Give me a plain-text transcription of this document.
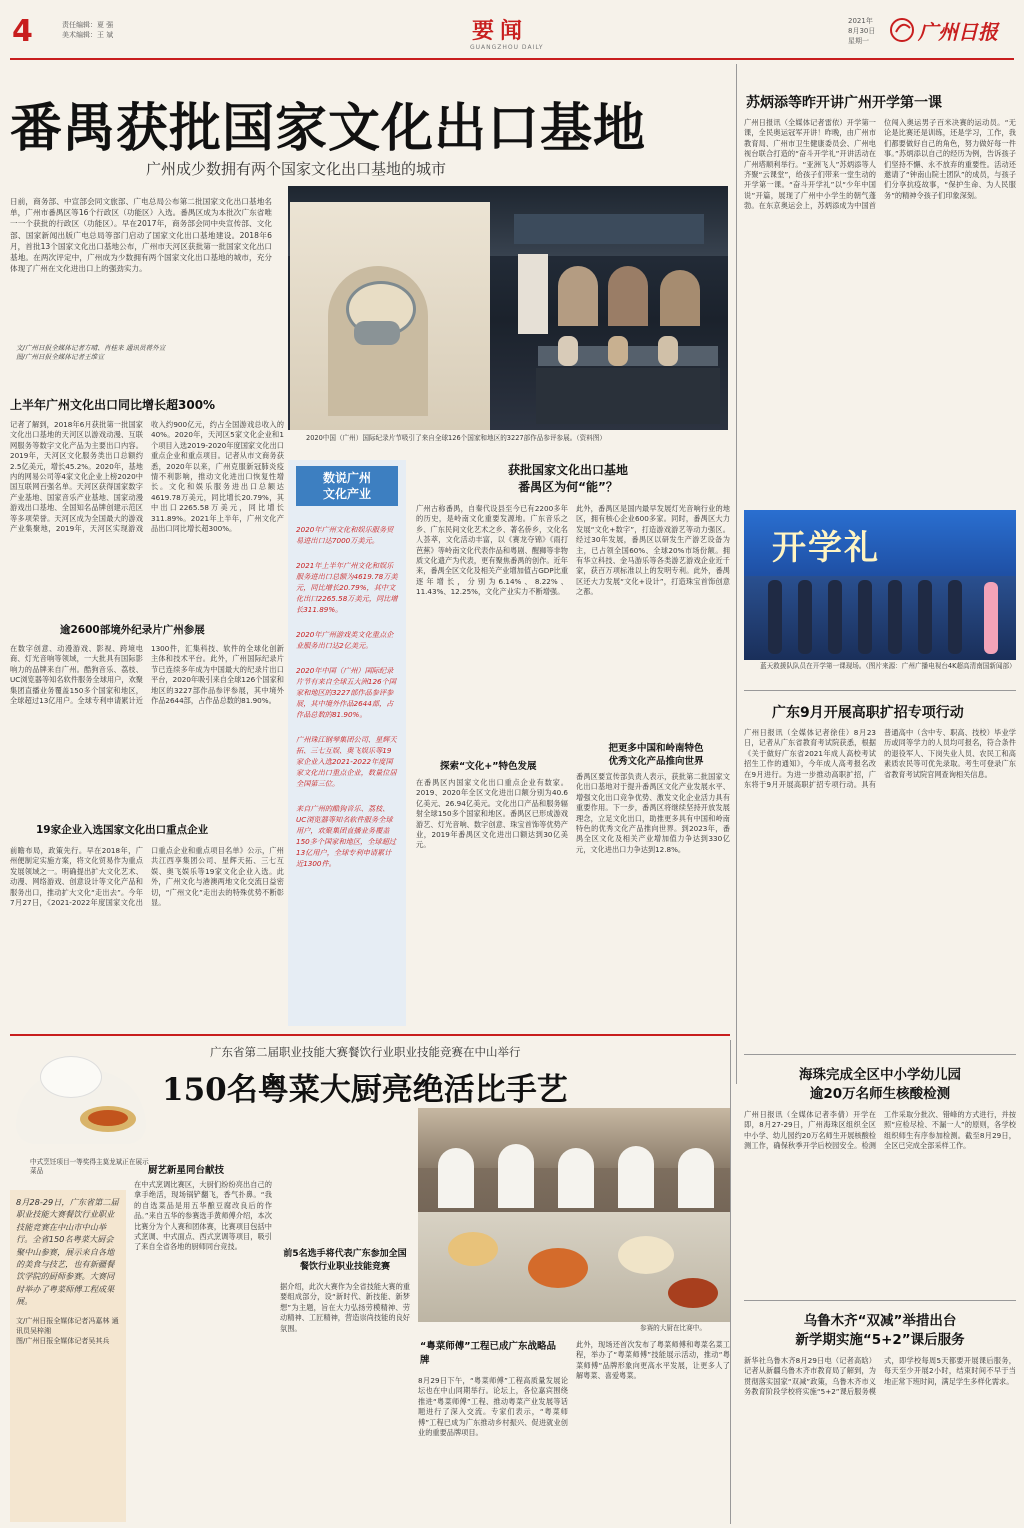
4	责任编辑：夏 强
美术编辑：王 斌	要闻
GUANGZHOU DAILY
2021年
8月30日
星期一 广州日报
番禺获批国家文化出口基地
广州成少数拥有两个国家文化出口基地的城市
日前，商务部、中宣部会同文旅部、广电总局公布第二批国家文化出口基地名单，广州市番禺区等16个行政区（功能区）入选。番禺区成为本批次广东省唯一一个获批的行政区（功能区）。早在2017年，商务部会同中央宣传部、文化部、国家新闻出版广电总局等部门启动了国家文化出口基地建设。2018年6月，首批13个国家文化出口基地公布，广州市天河区获批第一批国家文化出口基地。在两次评定中，广州成为少数拥有两个国家文化出口基地的城市，充分体现了广州在文化进出口上的强劲实力。
文/广州日报全媒体记者方晴、肖桂来 通讯员蒋外宣
图/广州日报全媒体记者王维宣
2020中国（广州）国际纪录片节吸引了来自全球126个国家和地区的3227部作品参评参展。（资料图）
上半年广州文化出口同比增长超300%
记者了解到，2018年6月获批第一批国家文化出口基地的天河区以游戏动漫、互联网服务等数字文化产品为主要出口内容。2019年，天河区文化服务类出口总额约2.5亿美元，增长45.2%。2020年，基地内的网易公司等4家文化企业上榜2020中国互联网百强名单。天河区获得国家数字产业基地、国家音乐产业基地、国家动漫游戏出口基地、全国知名品牌创建示范区等多项荣誉。天河区成为全国最大的游戏产业集聚地，2019年，天河区实现游戏收入约900亿元，约占全国游戏总收入的40%。2020年，天河区5家文化企业和1个项目入选2019-2020年度国家文化出口重点企业和重点项目。记者从市文商务获悉，2020年以来，广州克服新冠肺炎疫情不利影响，推动文化进出口恢复性增长。文化和娱乐服务进出口总额达4619.78万美元，同比增长20.79%，其中出口2265.58万美元，同比增长311.89%。2021年上半年，广州文化产品出口同比增长超300%。
逾2600部境外纪录片广州参展
在数字创意、动漫游戏、影视、跨境电商、灯光音响等领域，一大批具有国际影响力的品牌来自广州。酷狗音乐、荔枝、UC浏览器等知名软件服务全球用户，欢聚集团直播业务覆盖150多个国家和地区，全球超过13亿用户。全球专利申请累计近1300件，汇集科技、软件的全球化创新主体和技术平台。此外，广州国际纪录片节已连续多年成为中国最大的纪录片出口平台，2020年吸引来自全球126个国家和地区的3227部作品参评参展，其中境外作品2644部，占作品总数的81.90%。
19家企业入选国家文化出口重点企业
前瞻布局，政策先行。早在2018年，广州便制定实施方案，将文化贸易作为重点发展领域之一。明确提出扩大文化艺术、动漫、网络游戏、创意设计等文化产品和服务出口，推动扩大文化“走出去”。今年7月27日，《2021-2022年度国家文化出口重点企业和重点项目名单》公示，广州共江西享集团公司、星辉天拓、三七互娱、奥飞娱乐等19家文化企业入选。此外，广州文化与港澳两地文化交流日益密切，“广州文化”走出去的特殊优势不断彰显。
数说广州
文化产业
2020年广州文化和娱乐服务贸易进出口达7000万美元。
2021年上半年广州文化和娱乐服务进出口总额为4619.78万美元，同比增长20.79%，其中文化出口2265.58万美元，同比增长311.89%。
2020年广州游戏类文化重点企业服务出口达2亿美元。
2020年中国（广州）国际纪录片节有来自全球五大洲126个国家和地区的3227部作品参评参展，其中境外作品2644部，占作品总数的81.90%。
广州珠江钢琴集团公司、星辉天拓、三七互娱、奥飞娱乐等19家企业入选2021-2022年度国家文化出口重点企业，数量位居全国第三位。
来自广州的酷狗音乐、荔枝、UC浏览器等知名软件服务全球用户，欢聚集团直播业务覆盖150多个国家和地区，全球超过13亿用户，全球专利申请累计近1300件。
获批国家文化出口基地
番禺区为何“能”？
广州古称番禺，自秦代设县至今已有2200多年的历史，是岭南文化重要发源地。广东音乐之乡、广东民间文化艺术之乡、著名侨乡，文化名人荟萃，文化活动丰富，以《赛龙夺锦》《雨打芭蕉》等岭南文化代表作品和粤剧、醒狮等非物质文化遗产为代表，更有聚焦番禺的创作。近年来，番禺全区文化及相关产业增加值占GDP比重逐年增长，分别为6.14%、8.22%、11.43%、12.25%，文化产业实力不断增强。
探索“文化+”特色发展
在番禺区内国家文化出口重点企业有数家。2019、2020年全区文化进出口额分别为40.6亿美元、26.94亿美元。文化出口产品和服务辐射全球150多个国家和地区。番禺区已形成游戏游艺、灯光音响、数字创意、珠宝首饰等优势产业，2019年番禺区文化进出口额达到30亿美元。
此外，番禺区是国内最早发展灯光音响行业的地区，拥有核心企业600多家。同时，番禺区大力发展“文化+数字”，打造游戏游艺等动力强区。经过30年发展，番禺区以研发生产游艺设备为主，已占领全国60%、全球20%市场份额。拥有华立科技、金马游乐等各类游艺游戏企业近千家，获百万项标准以上的发明专利。此外，番禺区还大力发展“文化+设计”，打造珠宝首饰创意之都。
把更多中国和岭南特色
优秀文化产品推向世界
番禺区要宣传部负责人表示，获批第二批国家文化出口基地对于提升番禺区文化产业发展水平、增强文化出口竞争优势、激发文化企业活力具有重要作用。下一步，番禺区将继续坚持开放发展理念，立足文化出口，助推更多具有中国和岭南特色的优秀文化产品推向世界。到2023年，番禺全区文化及相关产业增加值力争达到330亿元，文化进出口力争达到12.8%。
苏炳添等昨开讲广州开学第一课
广州日报讯（全媒体记者雷依）开学第一课，全民奥运冠军开讲！昨晚，由广州市教育局、广州市卫生健康委员会、广州电视台联合打造的“奋斗开学礼”开讲活动在广州塔顺利举行。“亚洲飞人”苏炳添等人齐聚“云课堂”，给孩子们带来一堂生动的开学第一课。“奋斗开学礼”以“少年中国说”开篇，展现了广州中小学生的朝气蓬勃。在东京奥运会上，苏炳添成为中国首位闯入奥运男子百米决赛的运动员。“无论是比赛还是训练，还是学习，工作，我们都要做好自己的角色，努力做好每一件事。”苏炳添以自己的经历为例，告诉孩子们坚持不懈、永不放弃的重要性。活动还邀请了“钟南山院士团队”的成员，与孩子们分享抗疫故事，“保护生命、为人民服务”的精神令孩子们印象深刻。
开学礼
蓝天救援队队员在开学第一课现场。（图片来源：广州广播电视台4K超高清南国新闻部）
广东9月开展高职扩招专项行动
广州日报讯（全媒体记者徐佳）8月23日，记者从广东省教育考试院获悉，根据《关于做好广东省2021年成人高校考试招生工作的通知》，今年成人高考报名改在9月进行。为进一步推动高职扩招，广东将于9月开展高职扩招专项行动。具有普通高中（含中专、职高、技校）毕业学历或同等学力的人员均可报名，符合条件的退役军人、下岗失业人员、农民工和高素质农民等可优先录取。考生可登录广东省教育考试院官网查询相关信息。
海珠完成全区中小学幼儿园
逾20万名师生核酸检测
广州日报讯（全媒体记者李倩）开学在即，8月27-29日，广州海珠区组织全区中小学、幼儿园约20万名师生开展核酸检测工作，确保秋季开学后校园安全。检测工作采取分批次、错峰的方式进行，并按照“应检尽检、不漏一人”的原则，各学校组织师生有序参加检测。截至8月29日，全区已完成全部采样工作。
乌鲁木齐“双减”举措出台
新学期实施“5+2”课后服务
新华社乌鲁木齐8月29日电（记者高晗）记者从新疆乌鲁木齐市教育局了解到，为贯彻落实国家“双减”政策，乌鲁木齐市义务教育阶段学校将实施“5+2”课后服务模式，即学校每周5天都要开展课后服务，每天至少开展2小时，结束时间不早于当地正常下班时间，满足学生多样化需求。
广东省第二届职业技能大赛餐饮行业职业技能竞赛在中山举行
150名粤菜大厨亮绝活比手艺
中式烹饪项目一等奖得主莫龙斌正在展示菜品
8月28-29日，广东省第二届职业技能大赛餐饮行业职业技能竞赛在中山市中山举行。全省150名粤菜大厨会聚中山参赛，展示来自各地的美食与技艺，也有新疆餐饮学院的厨师参赛。大赛同时举办了粤菜师傅工程成果展。
文/广州日报全媒体记者冯嘉林 通讯员吴梓湘
图/广州日报全媒体记者吴其兵
厨艺新星同台献技
在中式烹调比赛区，大厨们纷纷亮出自己的拿手绝活，现场锅铲翻飞，香气扑鼻。“我的自选菜品是用五华酿豆腐改良后的作品。”来自五华的参赛选手黄师傅介绍，本次比赛分为个人赛和团体赛，比赛项目包括中式烹调、中式面点、西式烹调等项目，吸引了来自全省各地的厨师同台竞技。
前5名选手将代表广东参加全国餐饮行业职业技能竞赛
据介绍，此次大赛作为全省技能大赛的重要组成部分，设“新时代、新技能、新梦想”为主题，旨在大力弘扬劳模精神、劳动精神、工匠精神，营造崇尚技能的良好氛围。	参赛的大厨在比赛中。
“粤菜师傅”工程已成广东战略品牌
8月29日下午，“粤菜师傅”工程高质量发展论坛也在中山同期举行。论坛上，各位嘉宾围绕推进“粤菜师傅”工程、推动粤菜产业发展等话题进行了深入交流。专家们表示，“粤菜师傅”工程已成为广东推动乡村振兴、促进就业创业的重要品牌项目。
此外，现场还首次发布了粤菜师傅和粤菜名菜工程，举办了“粤菜师傅”技能展示活动，推动“粤菜师傅”品牌形象向更高水平发展，让更多人了解粤菜、喜爱粤菜。
